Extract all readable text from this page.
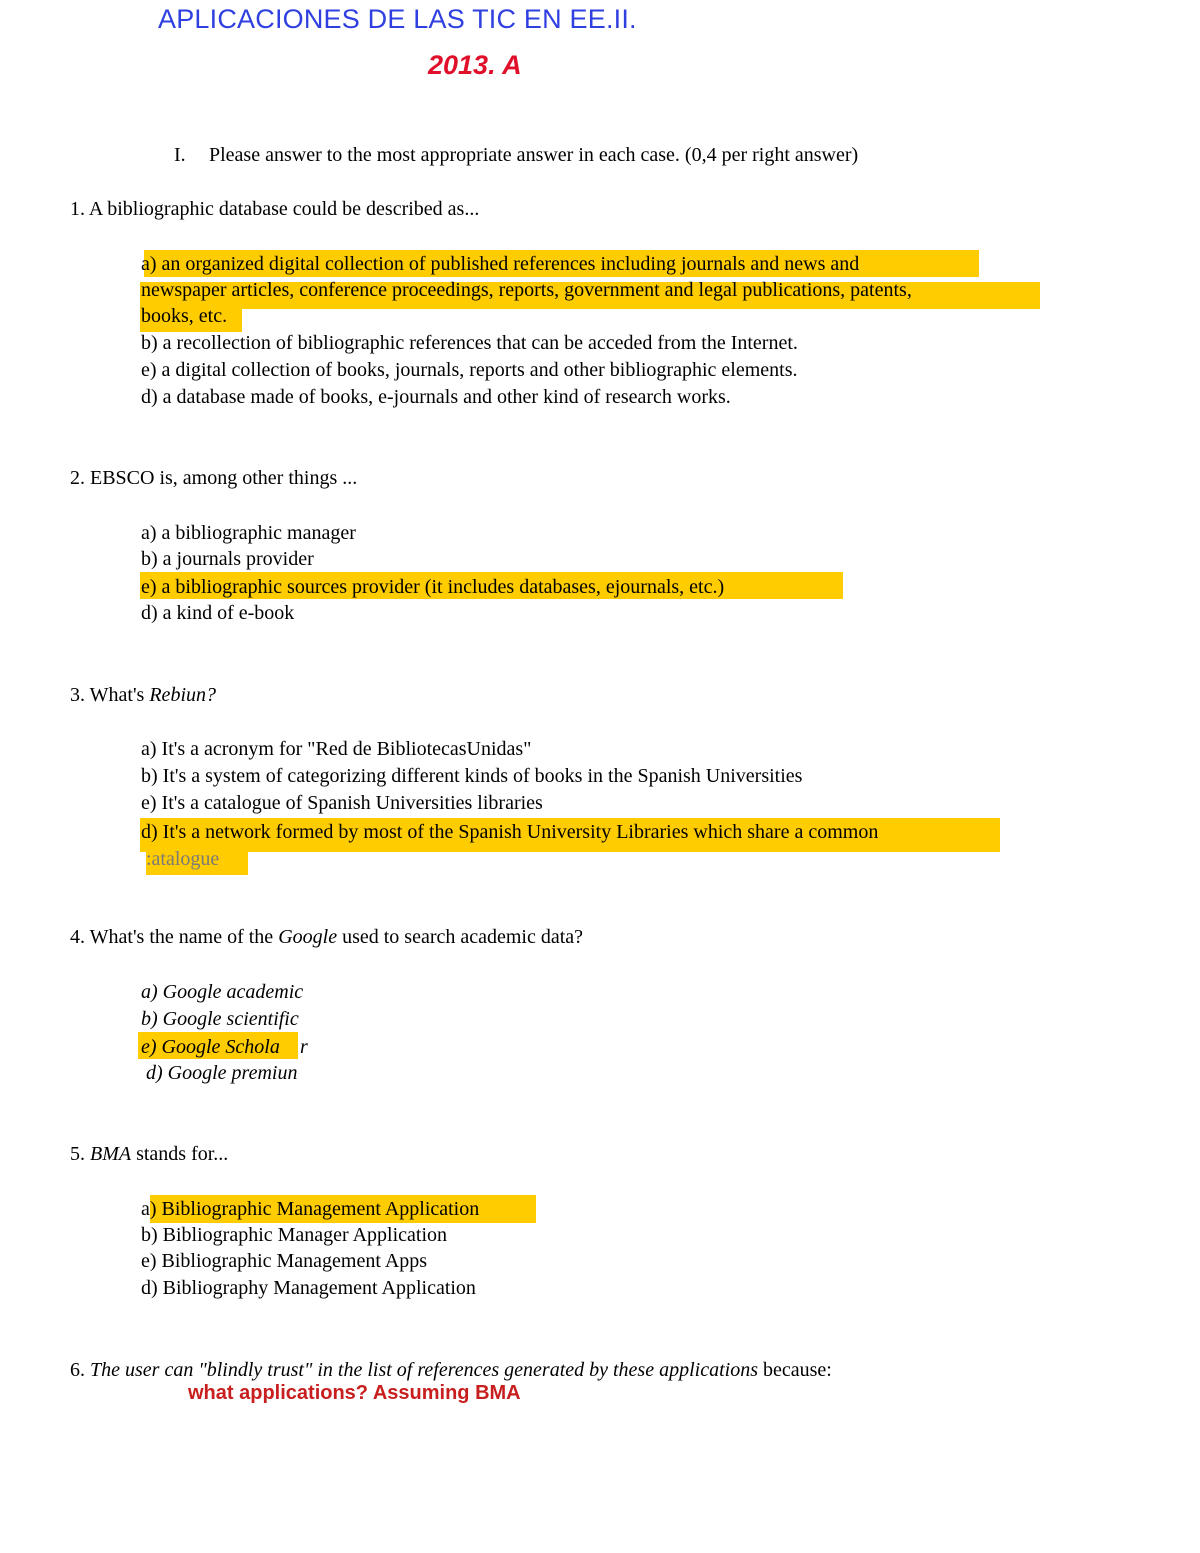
APLICACIONES DE LAS TIC EN EE.II.
2013. A
I. Please answer to the most appropriate answer in each case. (0,4 per right answer)
1. A bibliographic database could be described as...
a) an organized digital collection of published references including journals and news and
newspaper articles, conference proceedings, reports, government and legal publications, patents,
books, etc.
b) a recollection of bibliographic references that can be acceded from the Internet.
e) a digital collection of books, journals, reports and other bibliographic elements.
d) a database made of books, e-journals and other kind of research works.
2. EBSCO is, among other things ...
a) a bibliographic manager
b) a journals provider
e) a bibliographic sources provider (it includes databases, ejournals, etc.)
d) a kind of e-book
3. What's Rebiun?
a) It's a acronym for "Red de BibliotecasUnidas"
b) It's a system of categorizing different kinds of books in the Spanish Universities
e) It's a catalogue of Spanish Universities libraries
d) It's a network formed by most of the Spanish University Libraries which share a common
:atalogue
4. What's the name of the Google used to search academic data?
a) Google academic
b) Google scientific
e) Google Schola r
d) Google premiun
5. BMA stands for...
a) Bibliographic Management Application
b) Bibliographic Manager Application
e) Bibliographic Management Apps
d) Bibliography Management Application
6. The user can "blindly trust" in the list of references generated by these applications because:
what applications? Assuming BMA
